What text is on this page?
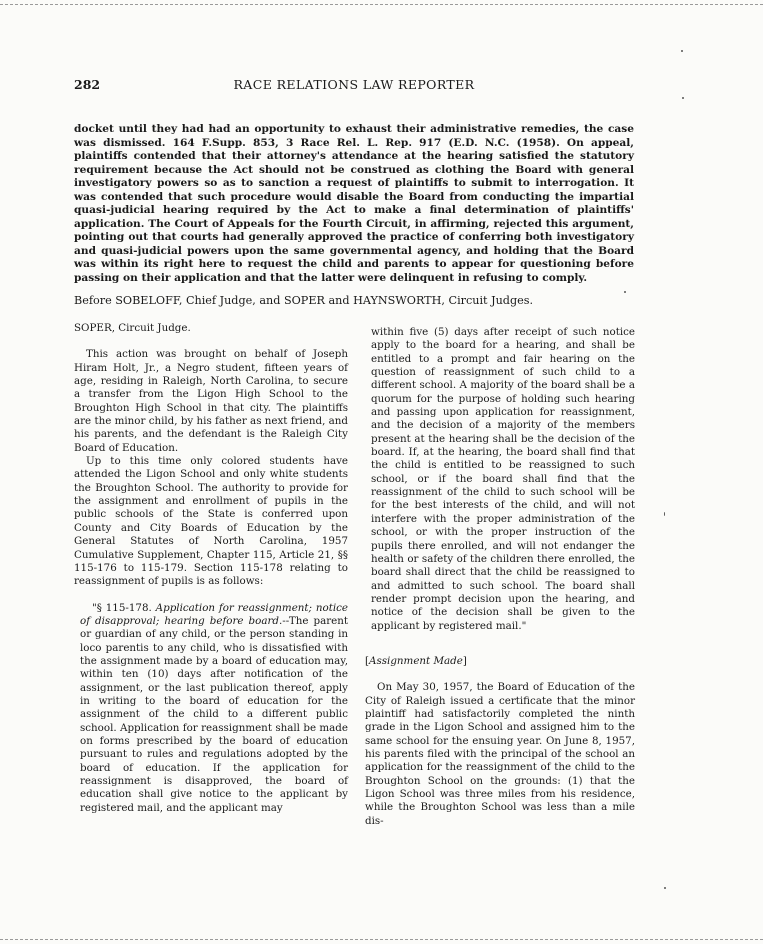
282	RACE RELATIONS LAW REPORTER

docket until they had had an opportunity to exhaust their administrative remedies, the case was dismissed. 164 F.Supp. 853, 3 Race Rel. L. Rep. 917 (E.D. N.C. (1958). On appeal, plaintiffs contended that their attorney's attendance at the hearing satisfied the statutory requirement because the Act should not be construed as clothing the Board with general investigatory powers so as to sanction a request of plaintiffs to submit to interrogation. It was contended that such procedure would disable the Board from conducting the impartial quasi-judicial hearing required by the Act to make a final determination of plaintiffs' application. The Court of Appeals for the Fourth Circuit, in affirming, rejected this argument, pointing out that courts had generally approved the practice of conferring both investigatory and quasi-judicial powers upon the same governmental agency, and holding that the Board was within its right here to request the child and parents to appear for questioning before passing on their application and that the latter were delinquent in refusing to comply.

Before SOBELOFF, Chief Judge, and SOPER and HAYNSWORTH, Circuit Judges.

SOPER, Circuit Judge.

This action was brought on behalf of Joseph Hiram Holt, Jr., a Negro student, fifteen years of age, residing in Raleigh, North Carolina, to secure a transfer from the Ligon High School to the Broughton High School in that city. The plaintiffs are the minor child, by his father as next friend, and his parents, and the defendant is the Raleigh City Board of Education.

Up to this time only colored students have attended the Ligon School and only white students the Broughton School. The authority to provide for the assignment and enrollment of pupils in the public schools of the State is conferred upon County and City Boards of Education by the General Statutes of North Carolina, 1957 Cumulative Supplement, Chapter 115, Article 21, §§ 115-176 to 115-179. Section 115-178 relating to reassignment of pupils is as follows:

"§ 115-178. Application for reassignment; notice of disapproval; hearing before board.--The parent or guardian of any child, or the person standing in loco parentis to any child, who is dissatisfied with the assignment made by a board of education may, within ten (10) days after notification of the assignment, or the last publication thereof, apply in writing to the board of education for the assignment of the child to a different public school. Application for reassignment shall be made on forms prescribed by the board of education pursuant to rules and regulations adopted by the board of education. If the application for reassignment is disapproved, the board of education shall give notice to the applicant by registered mail, and the applicant may

within five (5) days after receipt of such notice apply to the board for a hearing, and shall be entitled to a prompt and fair hearing on the question of reassignment of such child to a different school. A majority of the board shall be a quorum for the purpose of holding such hearing and passing upon application for reassignment, and the decision of a majority of the members present at the hearing shall be the decision of the board. If, at the hearing, the board shall find that the child is entitled to be reassigned to such school, or if the board shall find that the reassignment of the child to such school will be for the best interests of the child, and will not interfere with the proper administration of the school, or with the proper instruction of the pupils there enrolled, and will not endanger the health or safety of the children there enrolled, the board shall direct that the child be reassigned to and admitted to such school. The board shall render prompt decision upon the hearing, and notice of the decision shall be given to the applicant by registered mail."

[Assignment Made]

On May 30, 1957, the Board of Education of the City of Raleigh issued a certificate that the minor plaintiff had satisfactorily completed the ninth grade in the Ligon School and assigned him to the same school for the ensuing year. On June 8, 1957, his parents filed with the principal of the school an application for the reassignment of the child to the Broughton School on the grounds: (1) that the Ligon School was three miles from his residence, while the Broughton School was less than a mile dis-
